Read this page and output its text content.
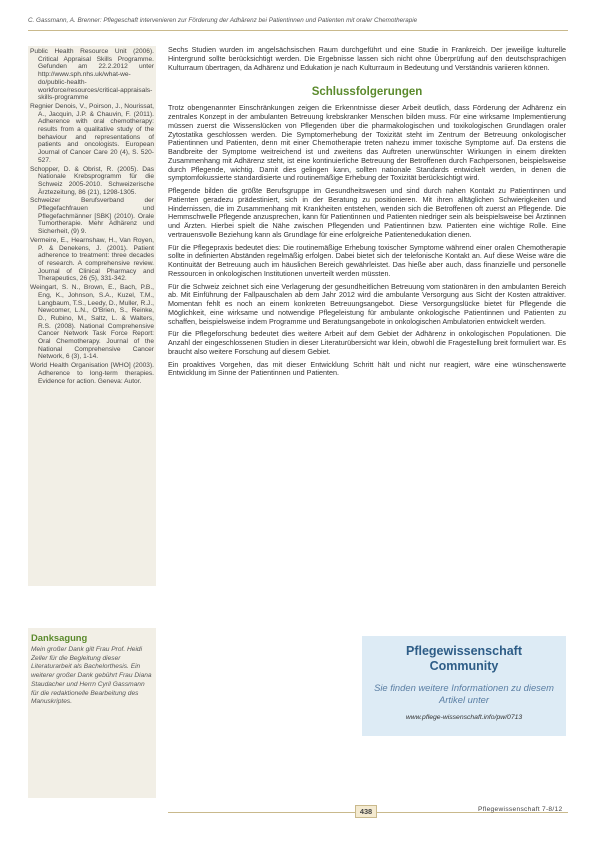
C. Gassmann, A. Brenner: Pflegeschaft intervenieren zur Förderung der Adhärenz bei Patientinnen und Patienten mit oraler Chemotherapie

Public Health Resource Unit (2006). Critical Appraisal Skills Programme. Gefunden am 22.2.2012 unter http://www.sph.nhs.uk/what-we-do/public-health-workforce/resources/critical-appraisals-skills-programme

Regnier Denois, V., Poirson, J., Nourissat, A., Jacquin, J.P. & Chauvin, F. (2011). Adherence with oral chemotherapy: results from a qualitative study of the behaviour and representations of patients and oncologists. European Journal of Cancer Care 20 (4), S. 520-527.

Schopper, D. & Obrist, R. (2005). Das Nationale Krebsprogramm für die Schweiz 2005-2010. Schweizerische Ärztezeitung, 86 (21), 1298-1305.

Schweizer Berufsverband der Pflegefachfrauen und Pflegefachmänner [SBK] (2010). Orale Tumortherapie. Mehr Adhärenz und Sicherheit, (9) 9.

Vermeire, E., Hearnshaw, H., Van Royen, P. & Denekens, J. (2001). Patient adherence to treatment: three decades of research. A comprehensive review. Journal of Clinical Pharmacy and Therapeutics, 26 (5), 331-342.

Weingart, S. N., Brown, E., Bach, P.B., Eng, K., Johnson, S.A., Kuzel, T.M., Langbaum, T.S., Leedy, D., Muller, R.J., Newcomer, L.N., O'Brien, S., Reinke, D., Rubino, M., Saltz, L. & Walters, R.S. (2008). National Comprehensive Cancer Network Task Force Report: Oral Chemotherapy. Journal of the National Comprehensive Cancer Network, 6 (3), 1-14.

World Health Organisation [WHO] (2003). Adherence to long-term therapies. Evidence for action. Geneva: Autor.

Danksagung

Mein großer Dank gilt Frau Prof. Heidi Zeller für die Begleitung dieser Literaturarbeit als Bachelorthesis. Ein weiterer großer Dank gebührt Frau Diana Staudacher und Herrn Cyril Gassmann für die redaktionelle Bearbeitung des Manuskriptes.

Sechs Studien wurden im angelsächsischen Raum durchgeführt und eine Studie in Frankreich. Der jeweilige kulturelle Hintergrund sollte berücksichtigt werden. Die Ergebnisse lassen sich nicht ohne Überprüfung auf den deutschsprachigen Kulturraum übertragen, da Adhärenz und Edukation je nach Kulturraum in Bedeutung und Verständnis variieren können.

Schlussfolgerungen

Trotz obengenannter Einschränkungen zeigen die Erkenntnisse dieser Arbeit deutlich, dass Förderung der Adhärenz ein zentrales Konzept in der ambulanten Betreuung krebskranker Menschen bilden muss. Für eine wirksame Implementierung müssen zuerst die Wissenslücken von Pflegenden über die pharmakologischen und toxikologischen Grundlagen oraler Zytostatika geschlossen werden. Die Symptomerhebung der Toxizität steht im Zentrum der Betreuung onkologischer Patientinnen und Patienten, denn mit einer Chemotherapie treten nahezu immer toxische Symptome auf. Da erstens die Bandbreite der Symptome weitreichend ist und zweitens das Auftreten unerwünschter Wirkungen in einem direkten Zusammenhang mit Adhärenz steht, ist eine kontinuierliche Betreuung der Betroffenen durch Fachpersonen, beispielsweise durch Pflegende, wichtig. Damit dies gelingen kann, sollten nationale Standards entwickelt werden, in denen die symptomfokussierte standardisierte und routinemäßige Erhebung der Toxizität berücksichtigt wird.

Pflegende bilden die größte Berufsgruppe im Gesundheitswesen und sind durch nahen Kontakt zu Patientinnen und Patienten geradezu prädestiniert, sich in der Beratung zu positionieren. Mit ihren alltäglichen Schwierigkeiten und Hindernissen, die im Zusammenhang mit Krankheiten entstehen, wenden sich die Betroffenen oft zuerst an Pflegende. Die Hemmschwelle Pflegende anzusprechen, kann für Patientinnen und Patienten niedriger sein als beispielsweise bei Ärztinnen und Ärzten. Hierbei spielt die Nähe zwischen Pflegenden und Patientinnen bzw. Patienten eine wichtige Rolle. Eine vertrauensvolle Beziehung kann als Grundlage für eine erfolgreiche Patientenedukation dienen.

Für die Pflegepraxis bedeutet dies: Die routinemäßige Erhebung toxischer Symptome während einer oralen Chemotherapie sollte in definierten Abständen regelmäßig erfolgen. Dabei bietet sich der telefonische Kontakt an. Auf diese Weise wäre die Kontinuität der Betreuung auch im häuslichen Bereich gewährleistet. Das hieße aber auch, dass finanzielle und personelle Ressourcen in onkologischen Institutionen unverteilt werden müssten.

Für die Schweiz zeichnet sich eine Verlagerung der gesundheitlichen Betreuung vom stationären in den ambulanten Bereich ab. Mit Einführung der Fallpauschalen ab dem Jahr 2012 wird die ambulante Versorgung aus Sicht der Kosten attraktiver. Momentan fehlt es noch an einem konkreten Betreuungsangebot. Diese Versorgungslücke bietet für Pflegende die Möglichkeit, eine wirksame und notwendige Pflegeleistung für ambulante onkologische Patientinnen und Patienten zu schaffen, beispielsweise indem Programme und Beratungsangebote in onkologischen Ambulatorien entwickelt werden.

Für die Pflegeforschung bedeutet dies weitere Arbeit auf dem Gebiet der Adhärenz in onkologischen Populationen. Die Anzahl der eingeschlossenen Studien in dieser Literaturübersicht war klein, obwohl die Fragestellung breit formuliert war. Es braucht also weitere Forschung auf diesem Gebiet.

Ein proaktives Vorgehen, das mit dieser Entwicklung Schritt hält und nicht nur reagiert, wäre eine wünschenswerte Entwicklung im Sinne der Patientinnen und Patienten.

Pflegewissenschaft
Community
Sie finden weitere Informationen zu diesem Artikel unter
www.pflege-wissenschaft.info/pw/0713
438	Pflegewissenschaft 7-8/12
